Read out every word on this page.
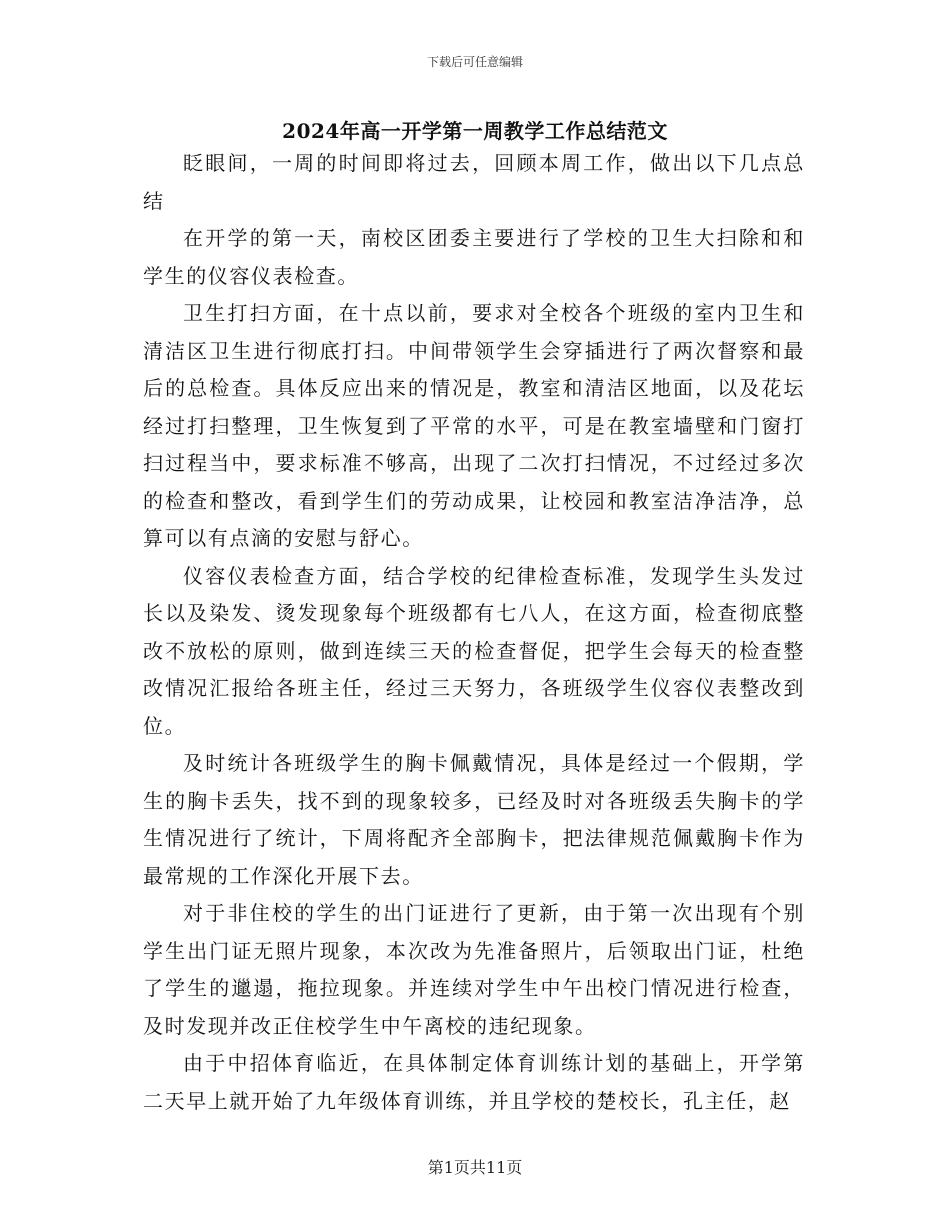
下载后可任意编辑
2024年高一开学第一周教学工作总结范文

眨眼间，一周的时间即将过去，回顾本周工作，做出以下几点总结

在开学的第一天，南校区团委主要进行了学校的卫生大扫除和和学生的仪容仪表检查。

卫生打扫方面，在十点以前，要求对全校各个班级的室内卫生和清洁区卫生进行彻底打扫。中间带领学生会穿插进行了两次督察和最后的总检查。具体反应出来的情况是，教室和清洁区地面，以及花坛经过打扫整理，卫生恢复到了平常的水平，可是在教室墙壁和门窗打扫过程当中，要求标准不够高，出现了二次打扫情况，不过经过多次的检查和整改，看到学生们的劳动成果，让校园和教室洁净洁净，总算可以有点滴的安慰与舒心。

仪容仪表检查方面，结合学校的纪律检查标准，发现学生头发过长以及染发、烫发现象每个班级都有七八人，在这方面，检查彻底整改不放松的原则，做到连续三天的检查督促，把学生会每天的检查整改情况汇报给各班主任，经过三天努力，各班级学生仪容仪表整改到位。

及时统计各班级学生的胸卡佩戴情况，具体是经过一个假期，学生的胸卡丢失，找不到的现象较多，已经及时对各班级丢失胸卡的学生情况进行了统计，下周将配齐全部胸卡，把法律规范佩戴胸卡作为最常规的工作深化开展下去。

对于非住校的学生的出门证进行了更新，由于第一次出现有个别学生出门证无照片现象，本次改为先准备照片，后领取出门证，杜绝了学生的邋遢，拖拉现象。并连续对学生中午出校门情况进行检查，及时发现并改正住校学生中午离校的违纪现象。

由于中招体育临近，在具体制定体育训练计划的基础上，开学第二天早上就开始了九年级体育训练，并且学校的楚校长，孔主任，赵

第1页共11页
